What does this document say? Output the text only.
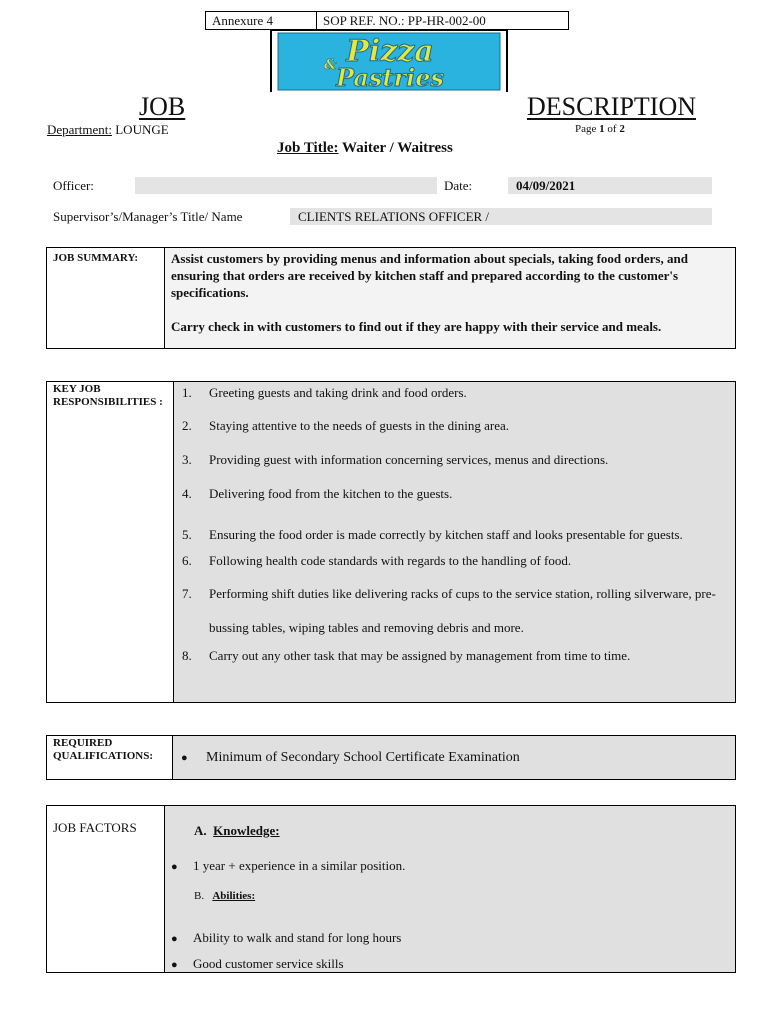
Annexure 4	SOP REF. NO.: PP-HR-002-00
Pizza
& Pastries
JOB	DESCRIPTION
Department: LOUNGE	Page 1 of 2
Job Title: Waiter / Waitress
Officer:	Date:	04/09/2021
Supervisor’s/Manager’s Title/ Name	CLIENTS RELATIONS OFFICER /
JOB SUMMARY:	Assist customers by providing menus and information about specials, taking food orders, and ensuring that orders are received by kitchen staff and prepared according to the customer's specifications.

Carry check in with customers to find out if they are happy with their service and meals.

KEY JOB RESPONSIBILITIES :
1.	Greeting guests and taking drink and food orders.
2.	Staying attentive to the needs of guests in the dining area.
3.	Providing guest with information concerning services, menus and directions.
4.	Delivering food from the kitchen to the guests.
5.	Ensuring the food order is made correctly by kitchen staff and looks presentable for guests.
6.	Following health code standards with regards to the handling of food.
7.	Performing shift duties like delivering racks of cups to the service station, rolling silverware, pre-bussing tables, wiping tables and removing debris and more.
8.	Carry out any other task that may be assigned by management from time to time.
REQUIRED QUALIFICATIONS:	●	Minimum of Secondary School Certificate Examination
JOB FACTORS	A. Knowledge:
● 1 year + experience in a similar position.
B. Abilities:
● Ability to walk and stand for long hours
● Good customer service skills
